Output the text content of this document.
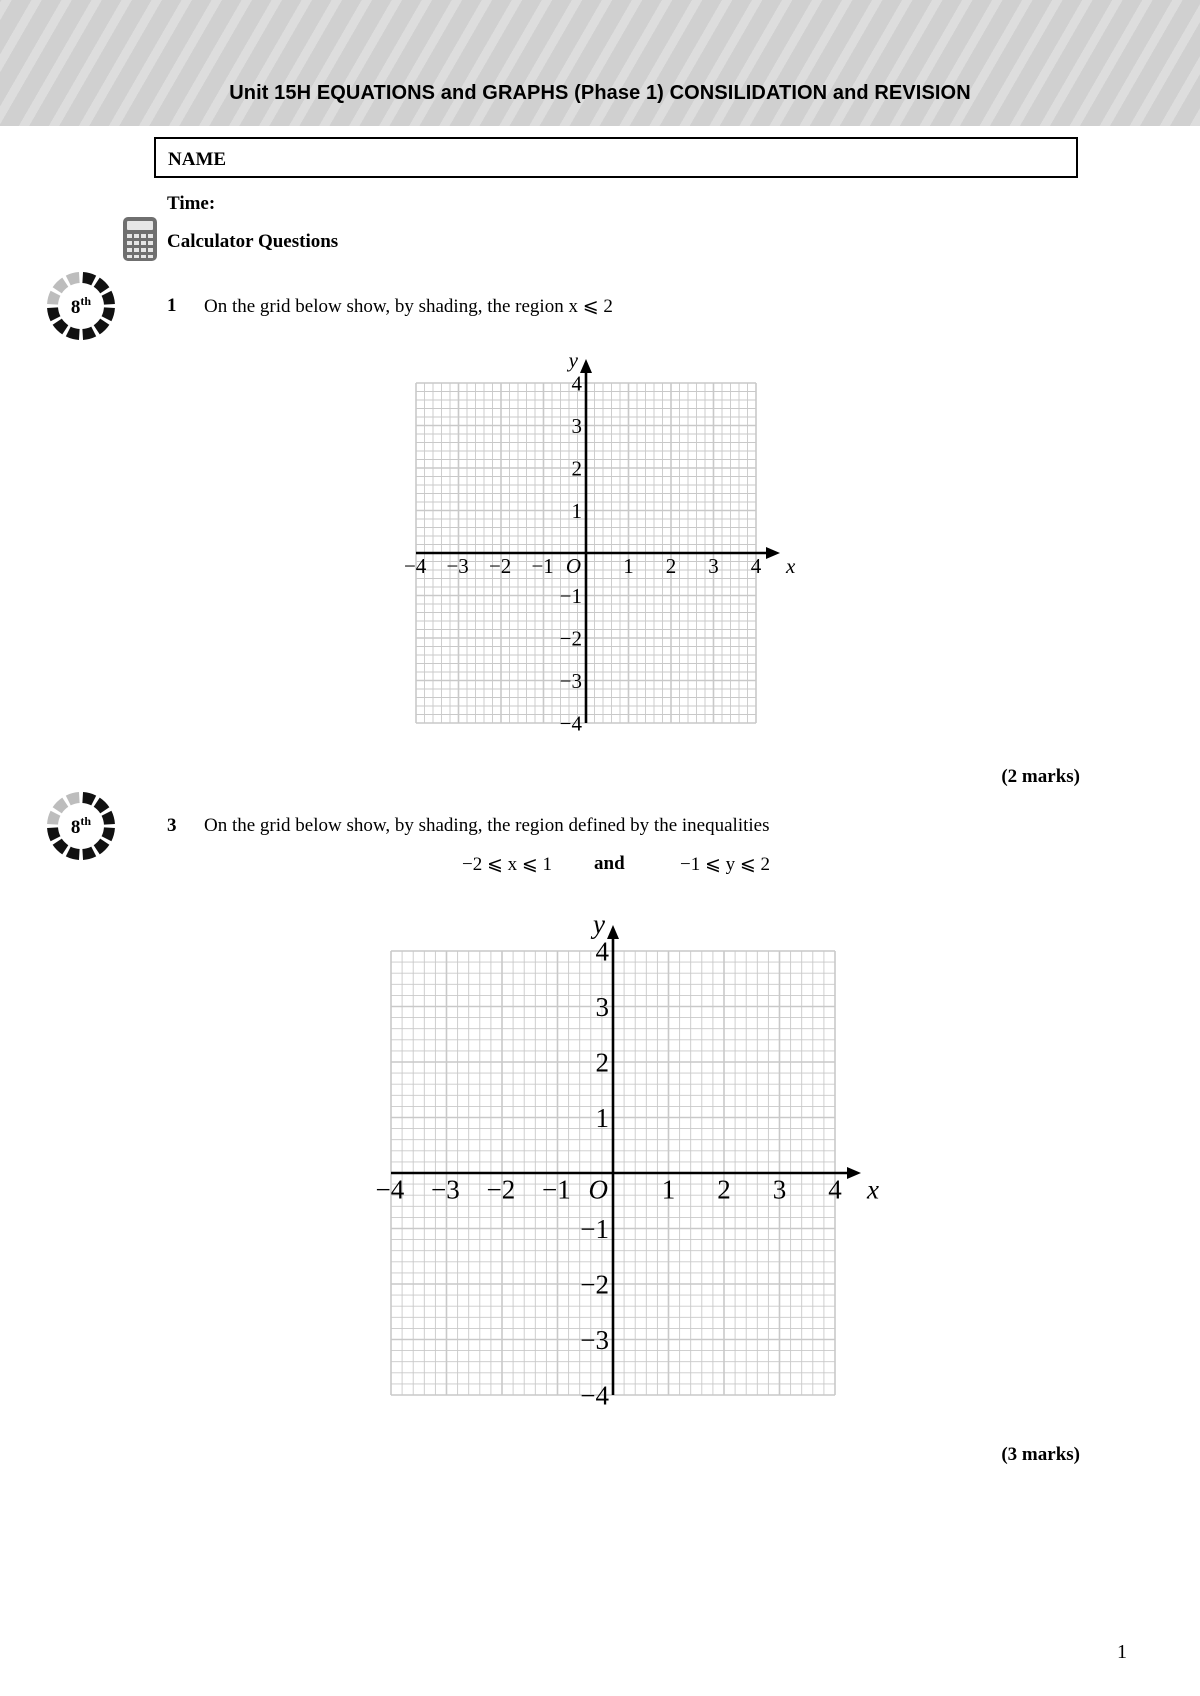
Unit 15H EQUATIONS and GRAPHS (Phase 1) CONSILIDATION and REVISION
NAME
Time:
Calculator Questions
8th	1 On the grid below show, by shading, the region x ⩽ 2
−4 −3 −2 −1	1 2 3 4
4
3
2
1
−1
−2
−3
−4
O	x
y
(2 marks)
8th	3 On the grid below show, by shading, the region defined by the inequalities
−2 ⩽ x ⩽ 1 and	−1 ⩽ y ⩽ 2
−4 −3 −2 −1	1 2 3 4
4
3
2
1
−1
−2
−3
−4
O	x
y
(3 marks)
1
